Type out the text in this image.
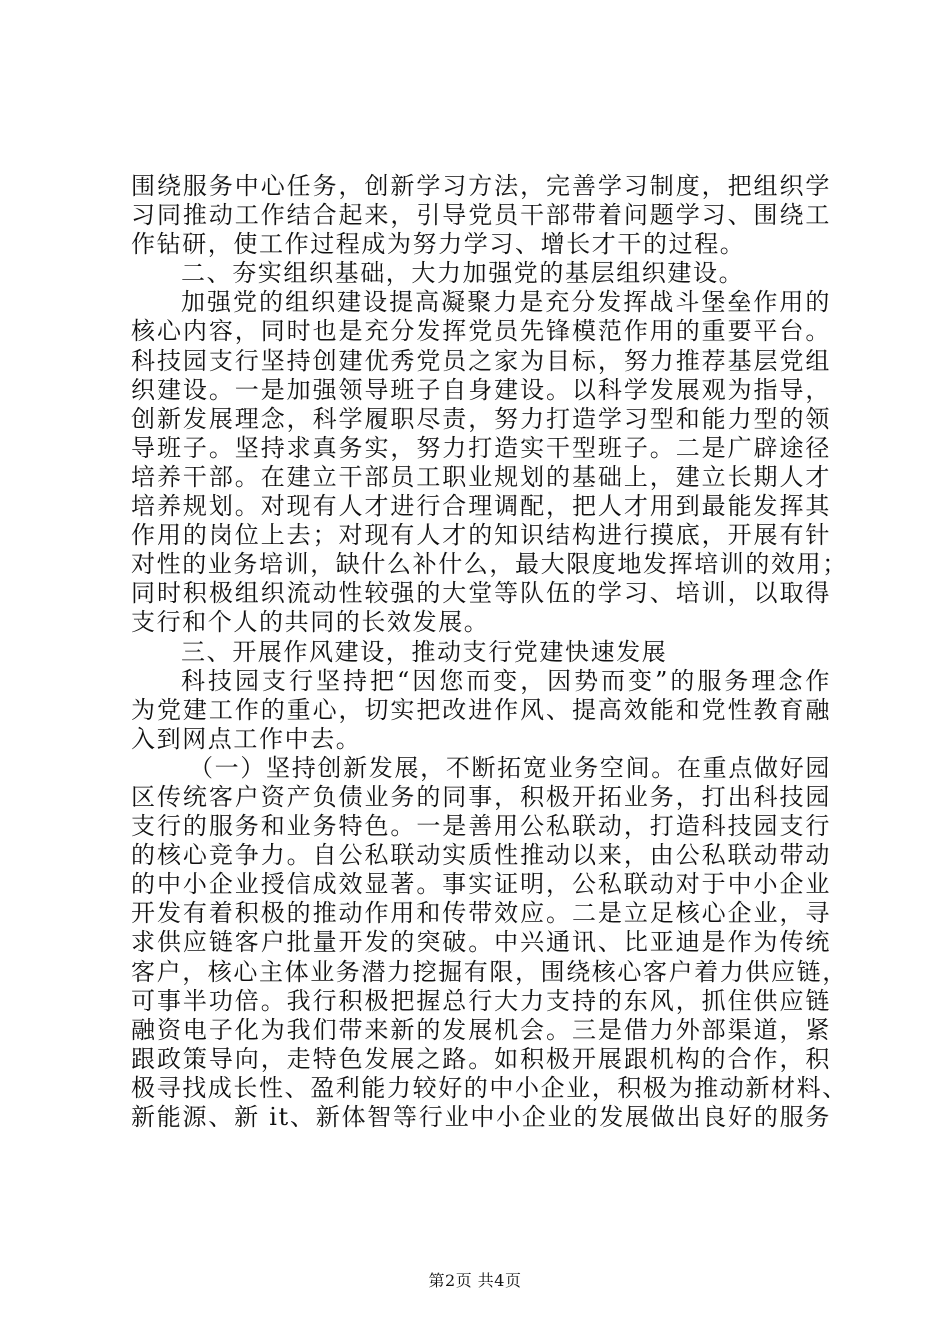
围绕服务中心任务，创新学习方法，完善学习制度，把组织学
习同推动工作结合起来，引导党员干部带着问题学习、围绕工
作钻研，使工作过程成为努力学习、增长才干的过程。
二、夯实组织基础，大力加强党的基层组织建设。
加强党的组织建设提高凝聚力是充分发挥战斗堡垒作用的
核心内容，同时也是充分发挥党员先锋模范作用的重要平台。
科技园支行坚持创建优秀党员之家为目标，努力推荐基层党组
织建设。一是加强领导班子自身建设。以科学发展观为指导，
创新发展理念，科学履职尽责，努力打造学习型和能力型的领
导班子。坚持求真务实，努力打造实干型班子。二是广辟途径
培养干部。在建立干部员工职业规划的基础上，建立长期人才
培养规划。对现有人才进行合理调配，把人才用到最能发挥其
作用的岗位上去；对现有人才的知识结构进行摸底，开展有针
对性的业务培训，缺什么补什么，最大限度地发挥培训的效用；
同时积极组织流动性较强的大堂等队伍的学习、培训，以取得
支行和个人的共同的长效发展。
三、开展作风建设，推动支行党建快速发展
科技园支行坚持把“因您而变，因势而变”的服务理念作
为党建工作的重心，切实把改进作风、提高效能和党性教育融
入到网点工作中去。
（一）坚持创新发展，不断拓宽业务空间。在重点做好园
区传统客户资产负债业务的同事，积极开拓业务，打出科技园
支行的服务和业务特色。一是善用公私联动，打造科技园支行
的核心竞争力。自公私联动实质性推动以来，由公私联动带动
的中小企业授信成效显著。事实证明，公私联动对于中小企业
开发有着积极的推动作用和传带效应。二是立足核心企业，寻
求供应链客户批量开发的突破。中兴通讯、比亚迪是作为传统
客户，核心主体业务潜力挖掘有限，围绕核心客户着力供应链，
可事半功倍。我行积极把握总行大力支持的东风，抓住供应链
融资电子化为我们带来新的发展机会。三是借力外部渠道，紧
跟政策导向，走特色发展之路。如积极开展跟机构的合作，积
极寻找成长性、盈利能力较好的中小企业，积极为推动新材料、
新能源、新 it、新体智等行业中小企业的发展做出良好的服务
第2页 共4页
